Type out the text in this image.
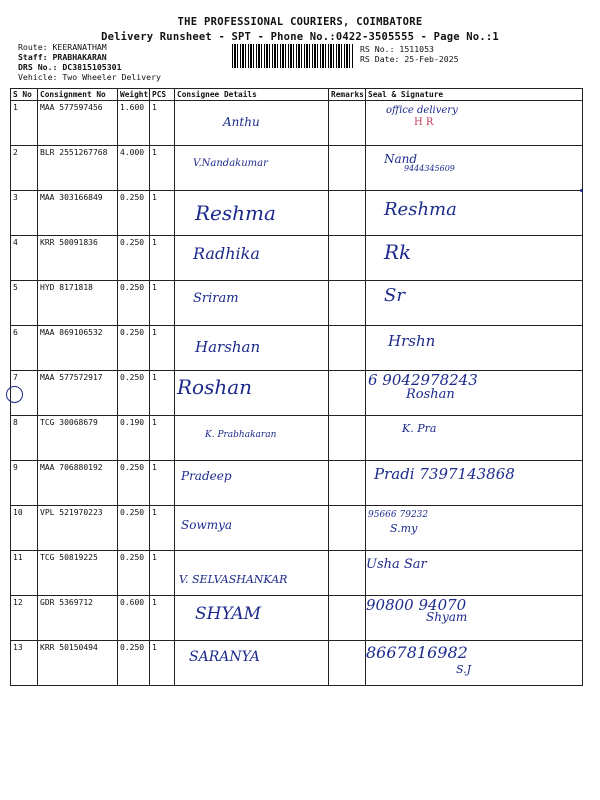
THE PROFESSIONAL COURIERS, COIMBATORE
Delivery Runsheet - SPT - Phone No.:0422-3505555 - Page No.:1
Route: KEERANATHAM
Staff: PRABHAKARAN
DRS No.: DC3815105301
Vehicle: Two Wheeler Delivery
RS No.: 1511053
RS Date: 25-Feb-2025
S No	Consignment No	Weight	PCS	Consignee Details	Remarks	Seal & Signature
1	MAA 577597456	1.600	1	Anthu		office delivery
H R

2	BLR 2551267768	4.000	1	V.Nandakumar		Nand
9444345609

3	MAA 303166849	0.250	1	Reshma		Reshma

4	KRR 50091836	0.250	1	Radhika		Rk

5	HYD 8171818	0.250	1	Sriram		Sr

6	MAA 869106532	0.250	1	Harshan		Hrshn

7	MAA 577572917	0.250	1	Roshan		6 9042978243
Roshan

8	TCG 30068679	0.190	1	K. Prabhakaran		K. Pra

9	MAA 706880192	0.250	1	Pradeep		Pradi 7397143868

10	VPL 521970223	0.250	1	Sowmya		95666 79232
S.my

11	TCG 50819225	0.250	1	V. SELVASHANKAR		Usha Sar

12	GDR 5369712	0.600	1	SHYAM		90800 94070
Shyam

13	KRR 50150494	0.250	1	SARANYA		8667816982
S.J
